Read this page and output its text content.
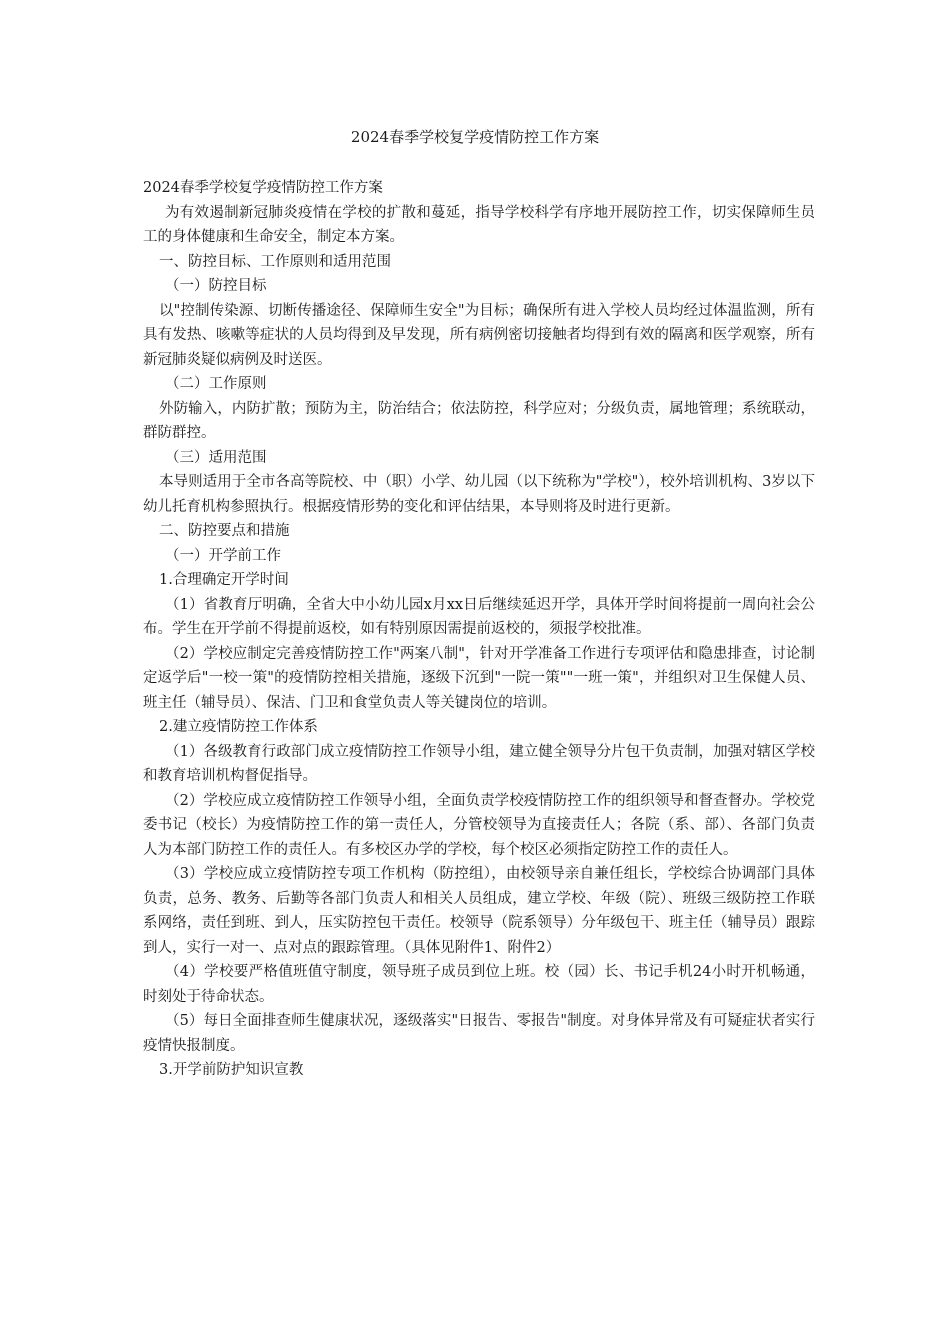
2024春季学校复学疫情防控工作方案

2024春季学校复学疫情防控工作方案

为有效遏制新冠肺炎疫情在学校的扩散和蔓延，指导学校科学有序地开展防控工作，切实保障师生员工的身体健康和生命安全，制定本方案。

一、防控目标、工作原则和适用范围

（一）防控目标

以"控制传染源、切断传播途径、保障师生安全"为目标；确保所有进入学校人员均经过体温监测，所有具有发热、咳嗽等症状的人员均得到及早发现，所有病例密切接触者均得到有效的隔离和医学观察，所有新冠肺炎疑似病例及时送医。

（二）工作原则

外防输入，内防扩散；预防为主，防治结合；依法防控，科学应对；分级负责，属地管理；系统联动，群防群控。

（三）适用范围

本导则适用于全市各高等院校、中（职）小学、幼儿园（以下统称为"学校"），校外培训机构、3岁以下幼儿托育机构参照执行。根据疫情形势的变化和评估结果，本导则将及时进行更新。

二、防控要点和措施

（一）开学前工作

1.合理确定开学时间

（1）省教育厅明确，全省大中小幼儿园x月xx日后继续延迟开学，具体开学时间将提前一周向社会公布。学生在开学前不得提前返校，如有特别原因需提前返校的，须报学校批准。

（2）学校应制定完善疫情防控工作"两案八制"，针对开学准备工作进行专项评估和隐患排查，讨论制定返学后"一校一策"的疫情防控相关措施，逐级下沉到"一院一策""一班一策"，并组织对卫生保健人员、班主任（辅导员）、保洁、门卫和食堂负责人等关键岗位的培训。

2.建立疫情防控工作体系

（1）各级教育行政部门成立疫情防控工作领导小组，建立健全领导分片包干负责制，加强对辖区学校和教育培训机构督促指导。

（2）学校应成立疫情防控工作领导小组，全面负责学校疫情防控工作的组织领导和督查督办。学校党委书记（校长）为疫情防控工作的第一责任人，分管校领导为直接责任人；各院（系、部）、各部门负责人为本部门防控工作的责任人。有多校区办学的学校，每个校区必须指定防控工作的责任人。

（3）学校应成立疫情防控专项工作机构（防控组），由校领导亲自兼任组长，学校综合协调部门具体负责，总务、教务、后勤等各部门负责人和相关人员组成，建立学校、年级（院）、班级三级防控工作联系网络，责任到班、到人，压实防控包干责任。校领导（院系领导）分年级包干、班主任（辅导员）跟踪到人，实行一对一、点对点的跟踪管理。（具体见附件1、附件2）

（4）学校要严格值班值守制度，领导班子成员到位上班。校（园）长、书记手机24小时开机畅通，时刻处于待命状态。

（5）每日全面排查师生健康状况，逐级落实"日报告、零报告"制度。对身体异常及有可疑症状者实行疫情快报制度。

3.开学前防护知识宣教
